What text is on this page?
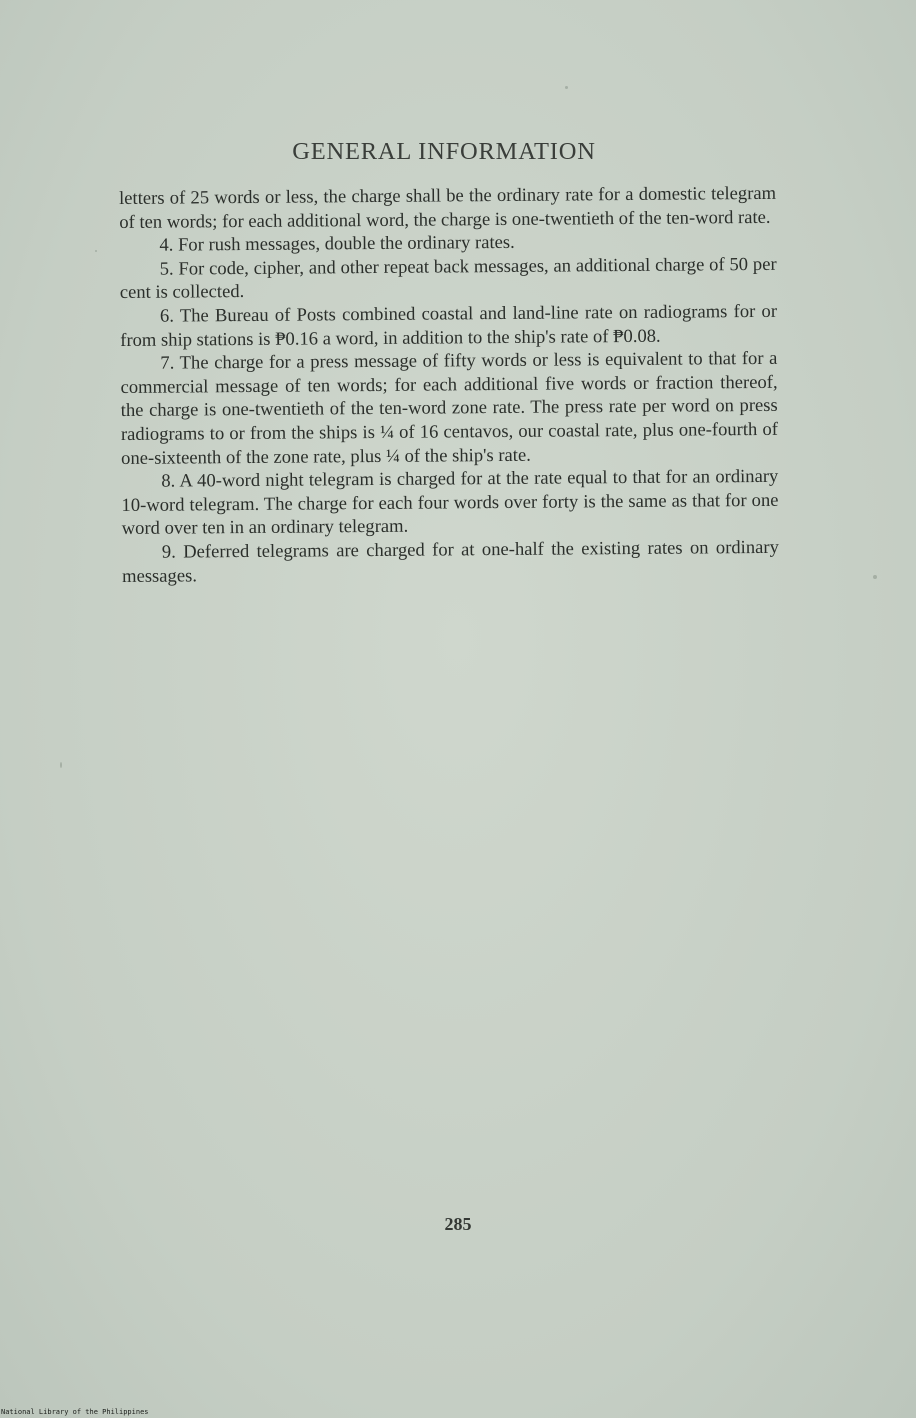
GENERAL INFORMATION

letters of 25 words or less, the charge shall be the ordinary rate for a domestic telegram of ten words; for each additional word, the charge is one-twentieth of the ten-word rate.

4. For rush messages, double the ordinary rates.

5. For code, cipher, and other repeat back messages, an additional charge of 50 per cent is collected.

6. The Bureau of Posts combined coastal and land-line rate on radiograms for or from ship stations is ₱0.16 a word, in addition to the ship's rate of ₱0.08.

7. The charge for a press message of fifty words or less is equivalent to that for a commercial message of ten words; for each additional five words or fraction thereof, the charge is one-twentieth of the ten-word zone rate. The press rate per word on press radiograms to or from the ships is ¼ of 16 centavos, our coastal rate, plus one-fourth of one-sixteenth of the zone rate, plus ¼ of the ship's rate.

8. A 40-word night telegram is charged for at the rate equal to that for an ordinary 10-word telegram. The charge for each four words over forty is the same as that for one word over ten in an ordinary telegram.

9. Deferred telegrams are charged for at one-half the existing rates on ordinary messages.

285
National Library of the Philippines
